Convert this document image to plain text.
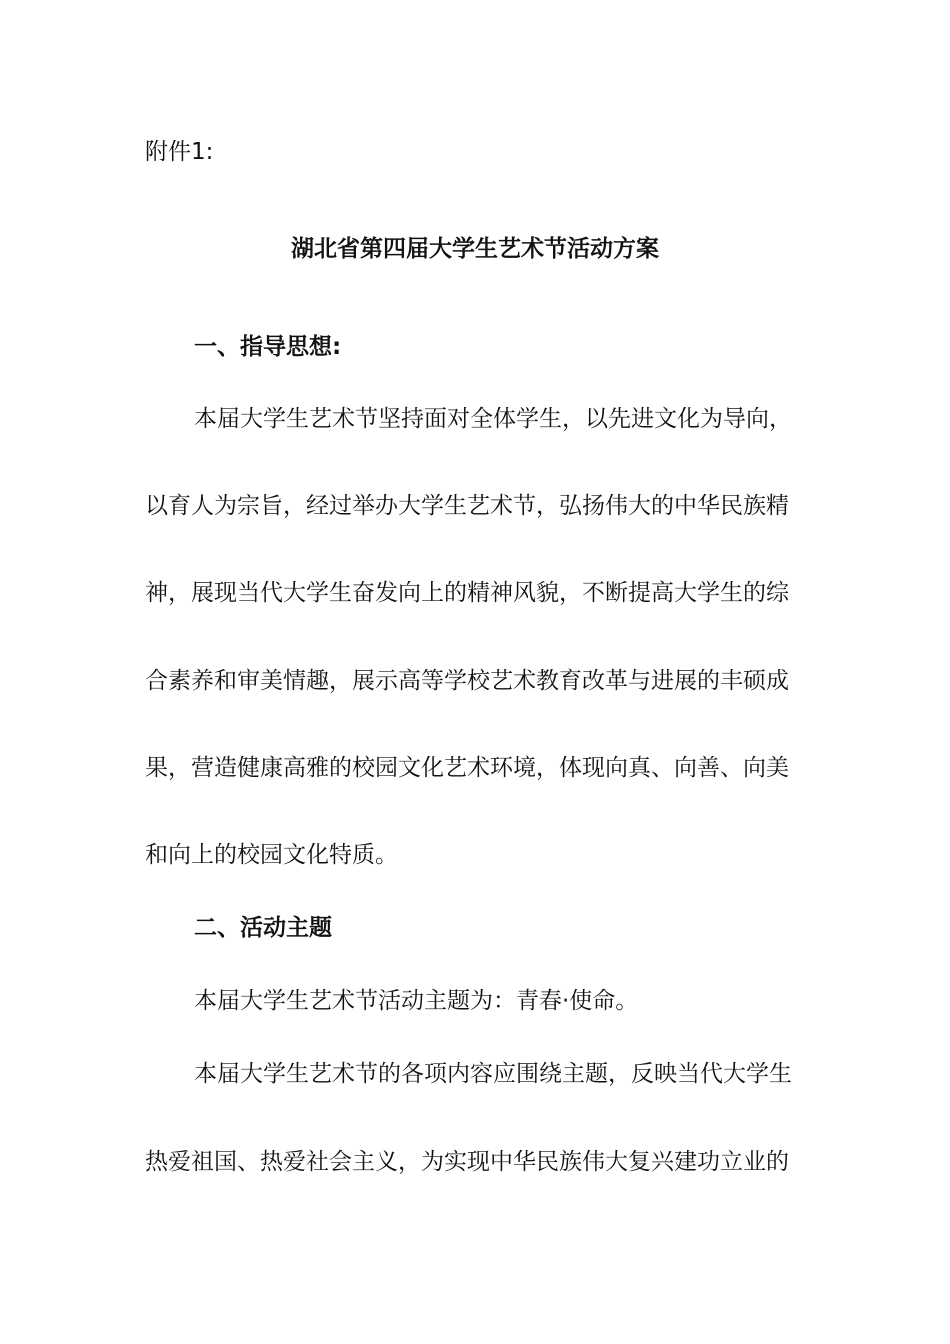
附件1:
湖北省第四届大学生艺术节活动方案
一、指导思想:
本届大学生艺术节坚持面对全体学生，以先进文化为导向，
以育人为宗旨，经过举办大学生艺术节，弘扬伟大的中华民族精
神，展现当代大学生奋发向上的精神风貌，不断提高大学生的综
合素养和审美情趣，展示高等学校艺术教育改革与进展的丰硕成
果，营造健康高雅的校园文化艺术环境，体现向真、向善、向美
和向上的校园文化特质。
二、活动主题
本届大学生艺术节活动主题为：青春·使命。
本届大学生艺术节的各项内容应围绕主题，反映当代大学生
热爱祖国、热爱社会主义，为实现中华民族伟大复兴建功立业的
